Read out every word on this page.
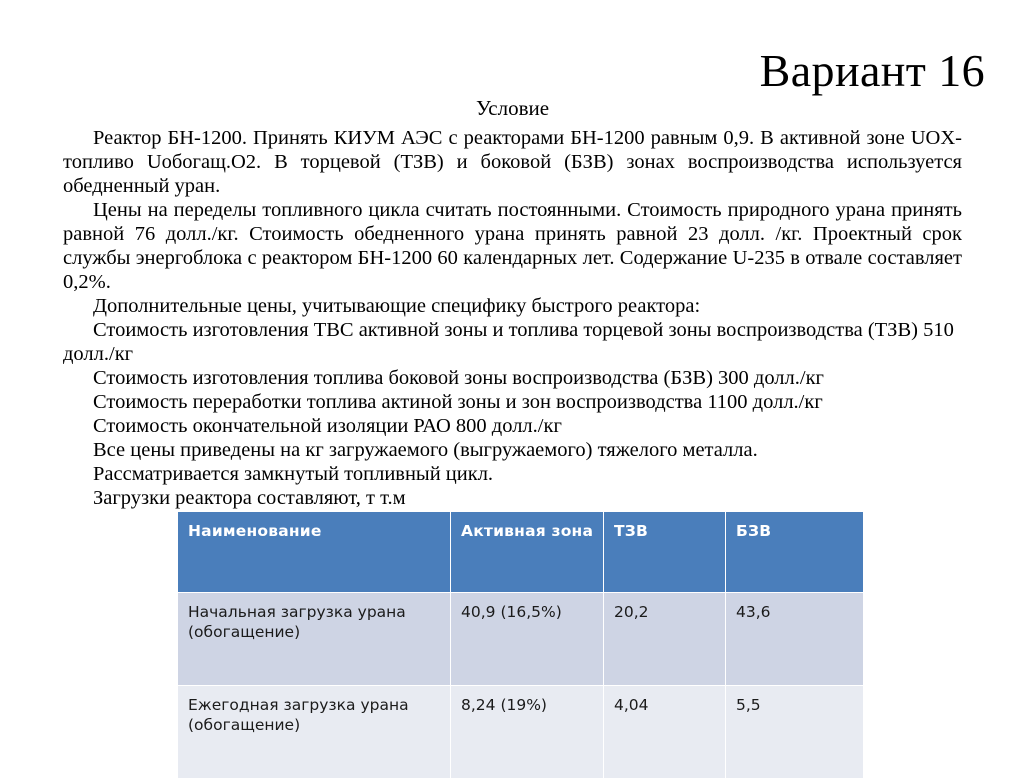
Вариант 16
Условие

Реактор БН-1200. Принять КИУМ АЭС с реакторами БН-1200 равным 0,9. В активной зоне UOX- топливо Uобогащ.О2. В торцевой (ТЗВ) и боковой (БЗВ) зонах воспроизводства используется обедненный уран.

Цены на переделы топливного цикла считать постоянными. Стоимость природного урана принять равной 76 долл./кг. Стоимость обедненного урана принять равной 23 долл. /кг. Проектный срок службы энергоблока с реактором БН-1200 60 календарных лет. Содержание U-235 в отвале составляет 0,2%.

Дополнительные цены, учитывающие специфику быстрого реактора:

Стоимость изготовления ТВС активной зоны и топлива торцевой зоны воспроизводства (ТЗВ) 510 долл./кг

Стоимость изготовления топлива боковой зоны воспроизводства (БЗВ) 300 долл./кг

Стоимость переработки топлива актиной зоны и зон воспроизводства 1100 долл./кг

Стоимость окончательной изоляции РАО 800 долл./кг

Все цены приведены на кг загружаемого (выгружаемого) тяжелого металла.

Рассматривается замкнутый топливный цикл.

Загрузки реактора составляют, т т.м

Наименование	Активная зона	ТЗВ	БЗВ

Начальная загрузка урана
(обогащение)	40,9 (16,5%)	20,2	43,6

Ежегодная загрузка урана
(обогащение)	8,24 (19%)	4,04	5,5
